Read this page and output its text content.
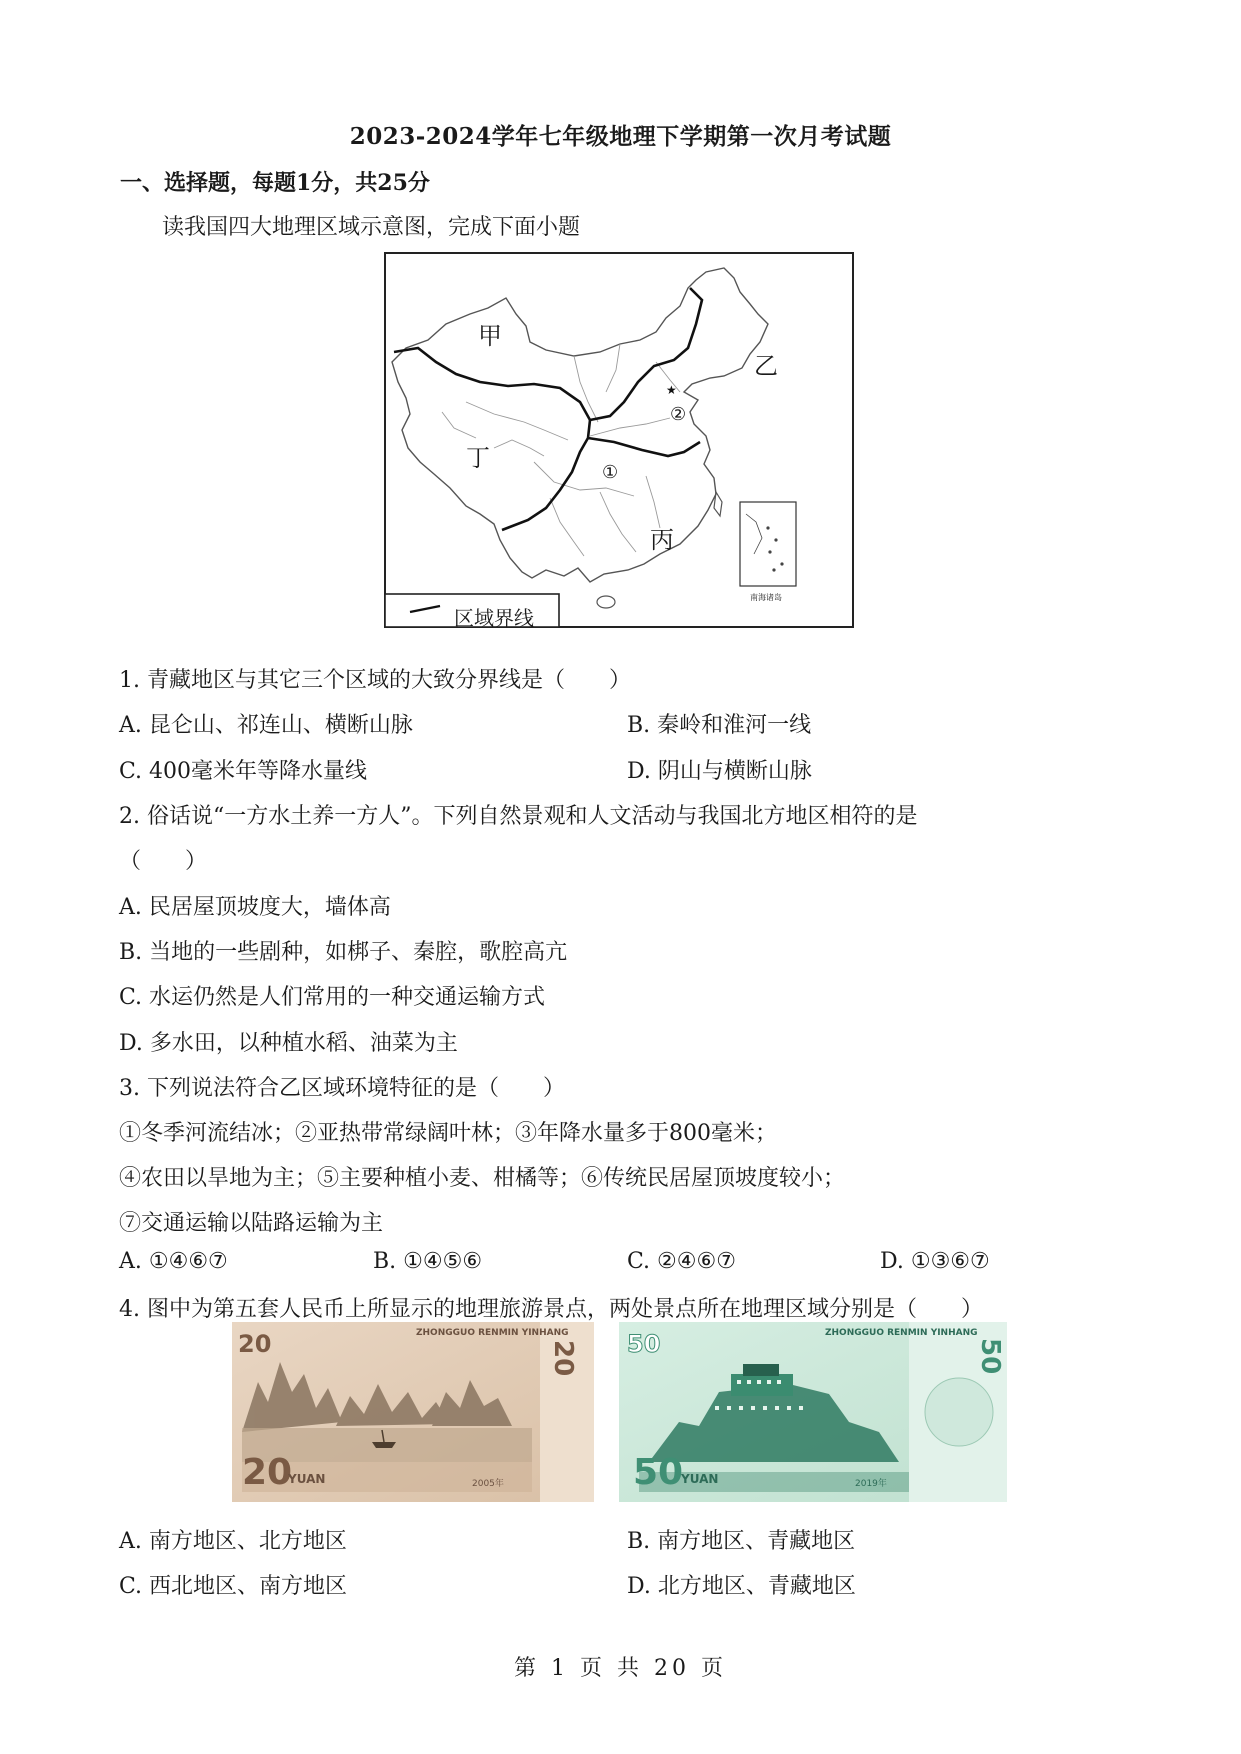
2023-2024学年七年级地理下学期第一次月考试题
一、选择题，每题1分，共25分
读我国四大地理区域示意图，完成下面小题
★
甲
乙
丙
丁
①
②
区域界线
南海诸岛
1. 青藏地区与其它三个区域的大致分界线是（　　）
A. 昆仑山、祁连山、横断山脉	B. 秦岭和淮河一线
C. 400毫米年等降水量线	D. 阴山与横断山脉
2. 俗话说“一方水土养一方人”。下列自然景观和人文活动与我国北方地区相符的是
（　　）
A. 民居屋顶坡度大，墙体高
B. 当地的一些剧种，如梆子、秦腔，歌腔高亢
C. 水运仍然是人们常用的一种交通运输方式
D. 多水田，以种植水稻、油菜为主
3. 下列说法符合乙区域环境特征的是（　　）
①冬季河流结冰；②亚热带常绿阔叶林；③年降水量多于800毫米；
④农田以旱地为主；⑤主要种植小麦、柑橘等；⑥传统民居屋顶坡度较小；
⑦交通运输以陆路运输为主
A. ①④⑥⑦	B. ①④⑤⑥	C. ②④⑥⑦	D. ①③⑥⑦
4. 图中为第五套人民币上所显示的地理旅游景点，两处景点所在地理区域分别是（　　）
20	ZHONGGUO RENMIN YINHANG
20
YUAN	2005年
20 50	ZHONGGUO RENMIN YINHANG
50
YUAN	2019年
50
A. 南方地区、北方地区	B. 南方地区、青藏地区
C. 西北地区、南方地区	D. 北方地区、青藏地区
第 1 页 共 20 页
